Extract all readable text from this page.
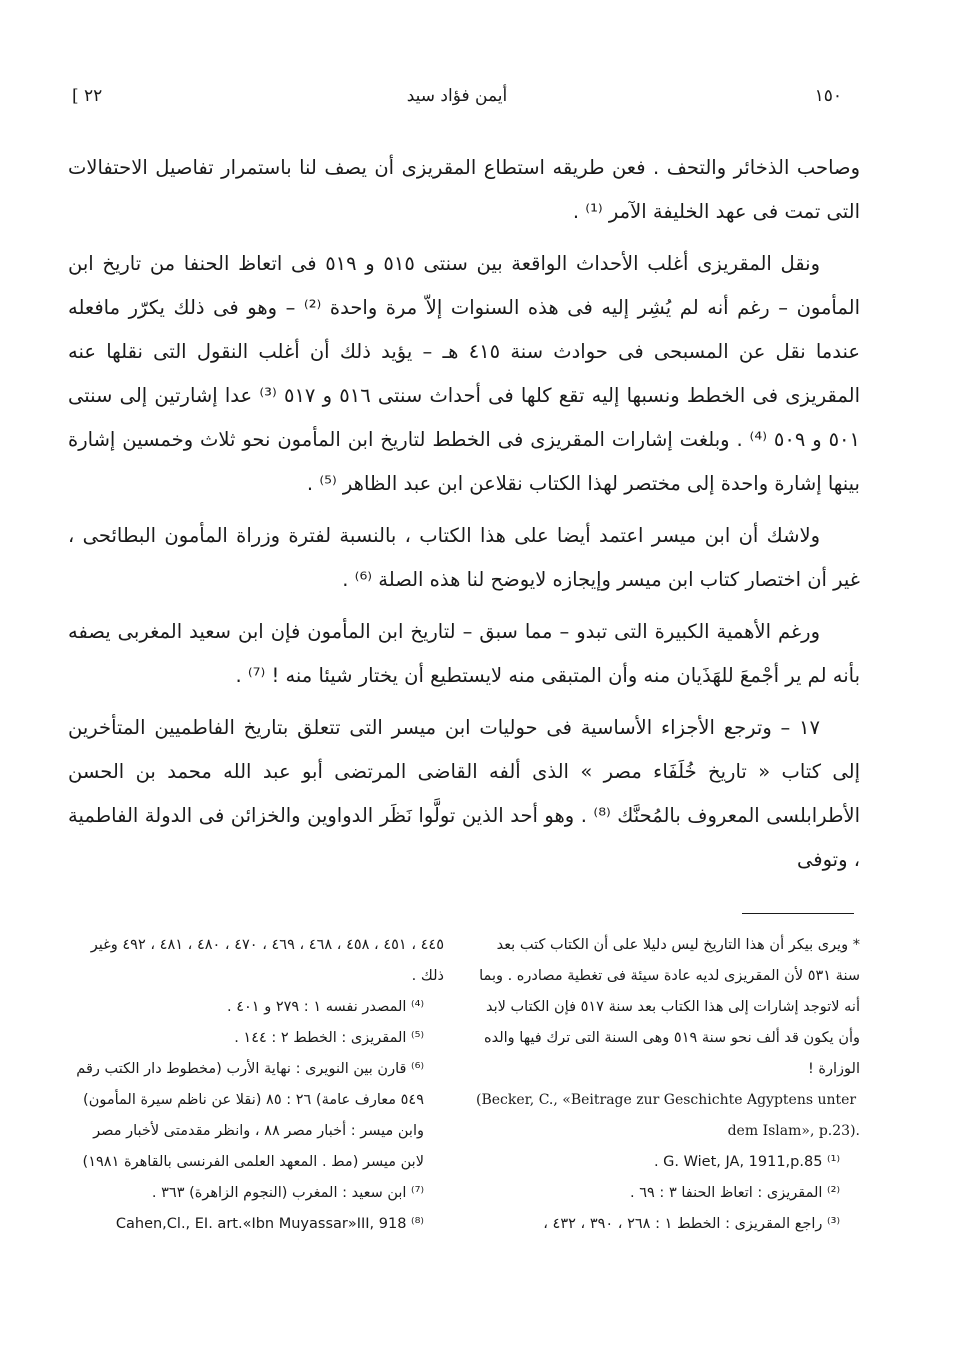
[ ٢٢	أيمن فؤاد سيد	١٥٠

وصاحب الذخائر والتحف . فعن طريقه استطاع المقريزى أن يصف لنا باستمرار تفاصيل الاحتفالات التى تمت فى عهد الخليفة الآمر ⁽¹⁾ .

ونقل المقريزى أغلب الأحداث الواقعة بين سنتى ٥١٥ و ٥١٩ فى اتعاظ الحنفا من تاريخ ابن المأمون – رغم أنه لم يُشِر إليه فى هذه السنوات إلاّ مرة واحدة ⁽²⁾ – وهو فى ذلك يكرّر مافعله عندما نقل عن المسبحى فى حوادث سنة ٤١٥ هـ – يؤيد ذلك أن أغلب النقول التى نقلها عنه المقريزى فى الخطط ونسبها إليه تقع كلها فى أحداث سنتى ٥١٦ و ٥١٧ ⁽³⁾ عدا إشارتين إلى سنتى ٥٠١ و ٥٠٩ ⁽⁴⁾ . وبلغت إشارات المقريزى فى الخطط لتاريخ ابن المأمون نحو ثلاث وخمسين إشارة بينها إشارة واحدة إلى مختصر لهذا الكتاب نقلاعن ابن عبد الظاهر ⁽⁵⁾ .

ولاشك أن ابن ميسر اعتمد أيضا على هذا الكتاب ، بالنسبة لفترة وزراة المأمون البطائحى ، غير أن اختصار كتاب ابن ميسر وإيجازه لايوضح لنا هذه الصلة ⁽⁶⁾ .

ورغم الأهمية الكبيرة التى تبدو – مما سبق – لتاريخ ابن المأمون فإن ابن سعيد المغربى يصفه بأنه لم ير أجْمعَ للهَذَيان منه وأن المتبقى منه لايستطيع أن يختار شيئا منه ! ⁽⁷⁾ .

١٧ – وترجع الأجزاء الأساسية فى حوليات ابن ميسر التى تتعلق بتاريخ الفاطميين المتأخرين إلى كتاب « تاريخ خُلَفَاء مصر » الذى ألفه القاضى المرتضى أبو عبد الله محمد بن الحسن الأطرابلسى المعروف بالمُحنَّك ⁽⁸⁾ . وهو أحد الذين تولَّوا نَظَر الدواوين والخزائن فى الدولة الفاطمية ، وتوفى

* ويرى بيكر أن هذا التاريخ ليس دليلا على أن الكتاب كتب بعد سنة ٥٣١ لأن المقريزى لديه عادة سيئة فى تغطية مصادره . وبما أنه لاتوجد إشارات إلى هذا الكتاب بعد سنة ٥١٧ فإن الكتاب لابد وأن يكون قد ألف نحو سنة ٥١٩ وهى السنة التى ترك فيها والده الوزارة !

(Becker, C., «Beitrage zur Geschichte Agyptens unter

dem Islam», p.23).

⁽¹⁾ G. Wiet, JA, 1911,p.85 .

⁽²⁾ المقريزى : اتعاظ الحنفا ٣ : ٦٩ .

⁽³⁾ راجع المقريزى : الخطط ١ : ٢٦٨ ، ٣٩٠ ، ٤٣٢ ،

٤٤٥ ، ٤٥١ ، ٤٥٨ ، ٤٦٨ ، ٤٦٩ ، ٤٧٠ ، ٤٨٠ ، ٤٨١ ، ٤٩٢ وغير ذلك .

⁽⁴⁾ المصدر نفسه ١ : ٢٧٩ و ٤٠١ .

⁽⁵⁾ المقريزى : الخطط ٢ : ١٤٤ .

⁽⁶⁾ قارن بين النويرى : نهاية الأرب (مخطوط دار الكتب رقم ٥٤٩ معارف عامة) ٢٦ : ٨٥ (نقلا عن ناظم سيرة المأمون) وابن ميسر : أخبار مصر ٨٨ ، وانظر مقدمتى لأخبار مصر لابن ميسر (مط . المعهد العلمى الفرنسى بالقاهرة ١٩٨١)

⁽⁷⁾ ابن سعيد : المغرب (النجوم الزاهرة) ٣٦٣ .

Cahen,Cl., EI. art.«Ibn Muyassar»III, 918 ⁽⁸⁾
